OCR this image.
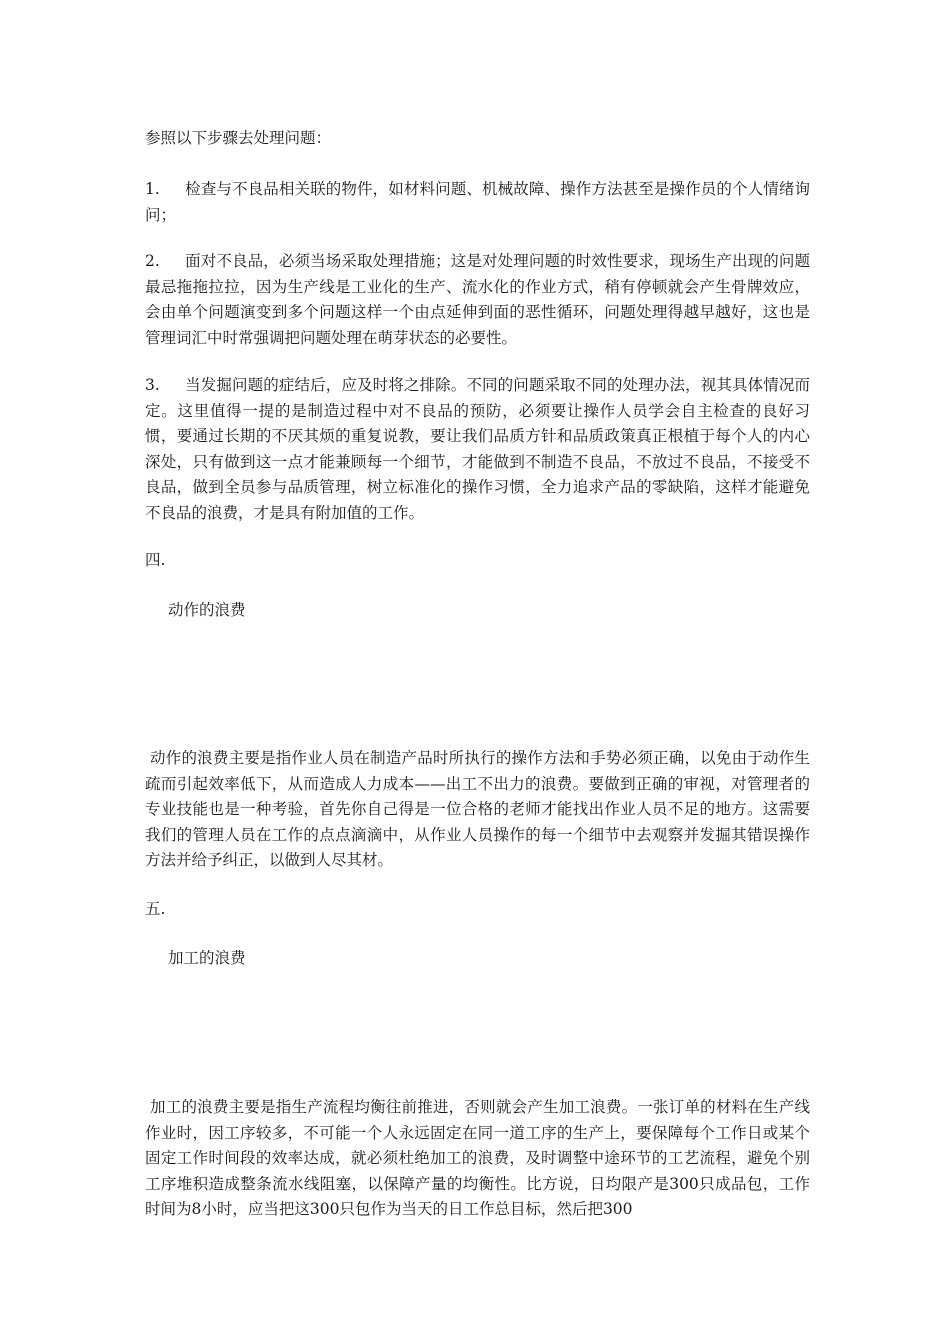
参照以下步骤去处理问题：

1. 检查与不良品相关联的物件，如材料问题、机械故障、操作方法甚至是操作员的个人情绪询问；

2. 面对不良品，必须当场采取处理措施；这是对处理问题的时效性要求，现场生产出现的问题最忌拖拖拉拉，因为生产线是工业化的生产、流水化的作业方式，稍有停顿就会产生骨牌效应，会由单个问题演变到多个问题这样一个由点延伸到面的恶性循环，问题处理得越早越好，这也是管理词汇中时常强调把问题处理在萌芽状态的必要性。

3. 当发掘问题的症结后，应及时将之排除。不同的问题采取不同的处理办法，视其具体情况而定。这里值得一提的是制造过程中对不良品的预防，必须要让操作人员学会自主检查的良好习惯，要通过长期的不厌其烦的重复说教，要让我们品质方针和品质政策真正根植于每个人的内心深处，只有做到这一点才能兼顾每一个细节，才能做到不制造不良品，不放过不良品，不接受不良品，做到全员参与品质管理，树立标准化的操作习惯，全力追求产品的零缺陷，这样才能避免不良品的浪费，才是具有附加值的工作。

四.

动作的浪费

动作的浪费主要是指作业人员在制造产品时所执行的操作方法和手势必须正确，以免由于动作生疏而引起效率低下，从而造成人力成本——出工不出力的浪费。要做到正确的审视，对管理者的专业技能也是一种考验，首先你自己得是一位合格的老师才能找出作业人员不足的地方。这需要我们的管理人员在工作的点点滴滴中，从作业人员操作的每一个细节中去观察并发掘其错误操作方法并给予纠正，以做到人尽其材。

五.

加工的浪费

加工的浪费主要是指生产流程均衡往前推进，否则就会产生加工浪费。一张订单的材料在生产线作业时，因工序较多，不可能一个人永远固定在同一道工序的生产上，要保障每个工作日或某个固定工作时间段的效率达成，就必须杜绝加工的浪费，及时调整中途环节的工艺流程，避免个别工序堆积造成整条流水线阻塞，以保障产量的均衡性。比方说，日均限产是300只成品包，工作时间为8小时，应当把这300只包作为当天的日工作总目标，然后把300
